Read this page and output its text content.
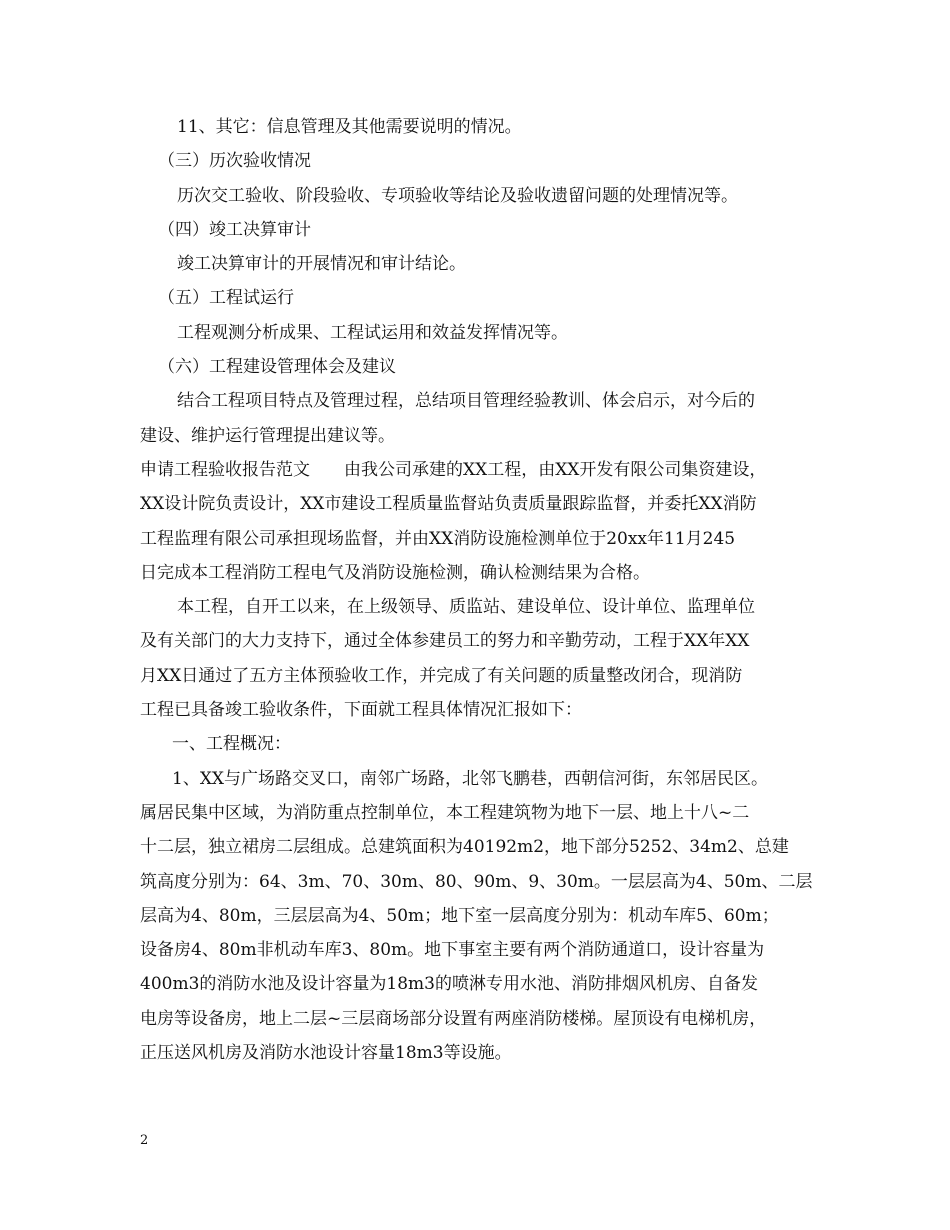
11、其它：信息管理及其他需要说明的情况。
（三）历次验收情况
历次交工验收、阶段验收、专项验收等结论及验收遗留问题的处理情况等。
（四）竣工决算审计
竣工决算审计的开展情况和审计结论。
（五）工程试运行
工程观测分析成果、工程试运用和效益发挥情况等。
（六）工程建设管理体会及建议
结合工程项目特点及管理过程，总结项目管理经验教训、体会启示，对今后的
建设、维护运行管理提出建议等。
申请工程验收报告范文　　由我公司承建的XX工程，由XX开发有限公司集资建设，
XX设计院负责设计，XX市建设工程质量监督站负责质量跟踪监督，并委托XX消防
工程监理有限公司承担现场监督，并由XX消防设施检测单位于20xx年11月245
日完成本工程消防工程电气及消防设施检测，确认检测结果为合格。
本工程，自开工以来，在上级领导、质监站、建设单位、设计单位、监理单位
及有关部门的大力支持下，通过全体参建员工的努力和辛勤劳动，工程于XX年XX
月XX日通过了五方主体预验收工作，并完成了有关问题的质量整改闭合，现消防
工程已具备竣工验收条件，下面就工程具体情况汇报如下：
一、工程概况：
1、XX与广场路交叉口，南邻广场路，北邻飞鹏巷，西朝信河街，东邻居民区。
属居民集中区域，为消防重点控制单位，本工程建筑物为地下一层、地上十八~二
十二层，独立裙房二层组成。总建筑面积为40192m2，地下部分5252、34m2、总建
筑高度分别为：64、3m、70、30m、80、90m、9、30m。一层层高为4、50m、二层
层高为4、80m，三层层高为4、50m；地下室一层高度分别为：机动车库5、60m；
设备房4、80m非机动车库3、80m。地下事室主要有两个消防通道口，设计容量为
400m3的消防水池及设计容量为18m3的喷淋专用水池、消防排烟风机房、自备发
电房等设备房，地上二层~三层商场部分设置有两座消防楼梯。屋顶设有电梯机房，
正压送风机房及消防水池设计容量18m3等设施。
2
